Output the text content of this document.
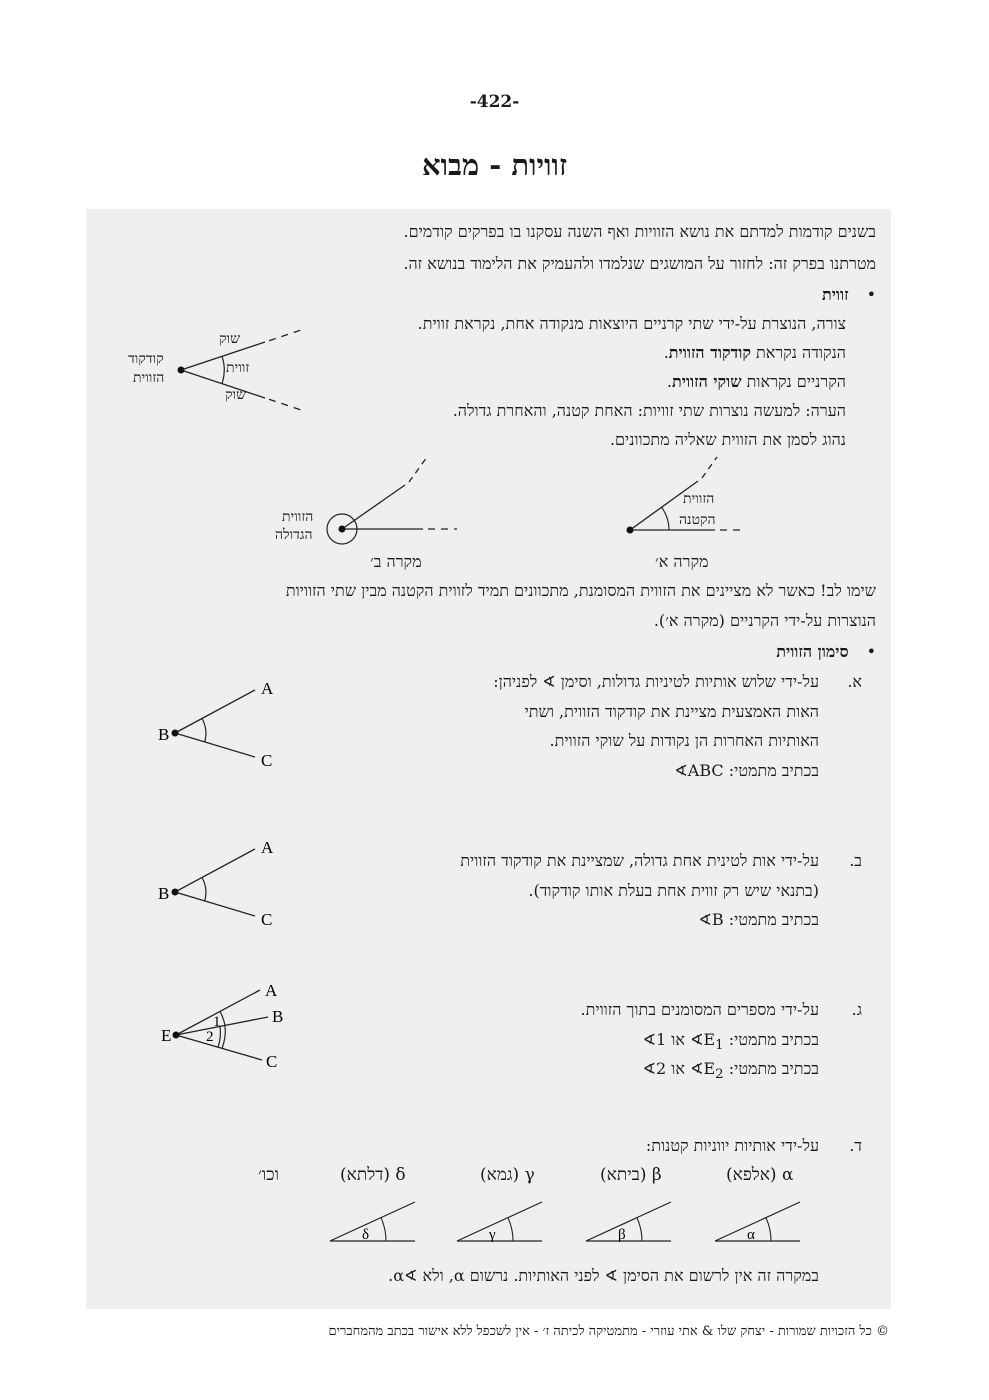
-422-
זוויות - מבוא
בשנים קודמות למדתם את נושא הזוויות ואף השנה עסקנו בו בפרקים קודמים.
מטרתנו בפרק זה: לחזור על המושגים שנלמדו ולהעמיק את הלימוד בנושא זה.
• זווית
צורה, הנוצרת על-ידי שתי קרניים היוצאות מנקודה אחת, נקראת זווית.
הנקודה נקראת קודקוד הזווית.
הקרניים נקראות שוקי הזווית.
הערה: למעשה נוצרות שתי זוויות: האחת קטנה, והאחרת גדולה.
נהוג לסמן את הזווית שאליה מתכוונים.
שוק
זווית
שוק
קודקוד
הזווית
הזווית
הגדולה
מקרה ב׳
הזווית
הקטנה
מקרה א׳
שימו לב! כאשר לא מציינים את הזווית המסומנת, מתכוונים תמיד לזווית הקטנה מבין שתי הזוויות
הנוצרות על-ידי הקרניים (מקרה א׳).
• סימון הזווית
א.
על-ידי שלוש אותיות לטיניות גדולות, וסימן ∢ לפניהן:
האות האמצעית מציינת את קודקוד הזווית, ושתי
האותיות האחרות הן נקודות על שוקי הזווית.
בכתיב מתמטי: ∢ABC
A
B
C
ב.
על-ידי אות לטינית אחת גדולה, שמציינת את קודקוד הזווית
(בתנאי שיש רק זווית אחת בעלת אותו קודקוד).
בכתיב מתמטי: ∢B
A
B
C
ג.
על-ידי מספרים המסומנים בתוך הזווית.
בכתיב מתמטי: $∢E_1$ או ∢1
בכתיב מתמטי: $∢E_2$ או ∢2
A
B
C
E
1
2
ד.
על-ידי אותיות יווניות קטנות:
α (אלפא)
β (ביתא)
γ (גמא)
δ (דלתא)
וכו׳
δ	γ	β	α
במקרה זה אין לרשום את הסימן ∢ לפני האותיות. נרשום α, ולא ∢α.
© כל הזכויות שמורות - יצחק שלו & אתי עוזרי - מתמטיקה לכיתה ז׳ - אין לשכפל ללא אישור בכתב מהמחברים
